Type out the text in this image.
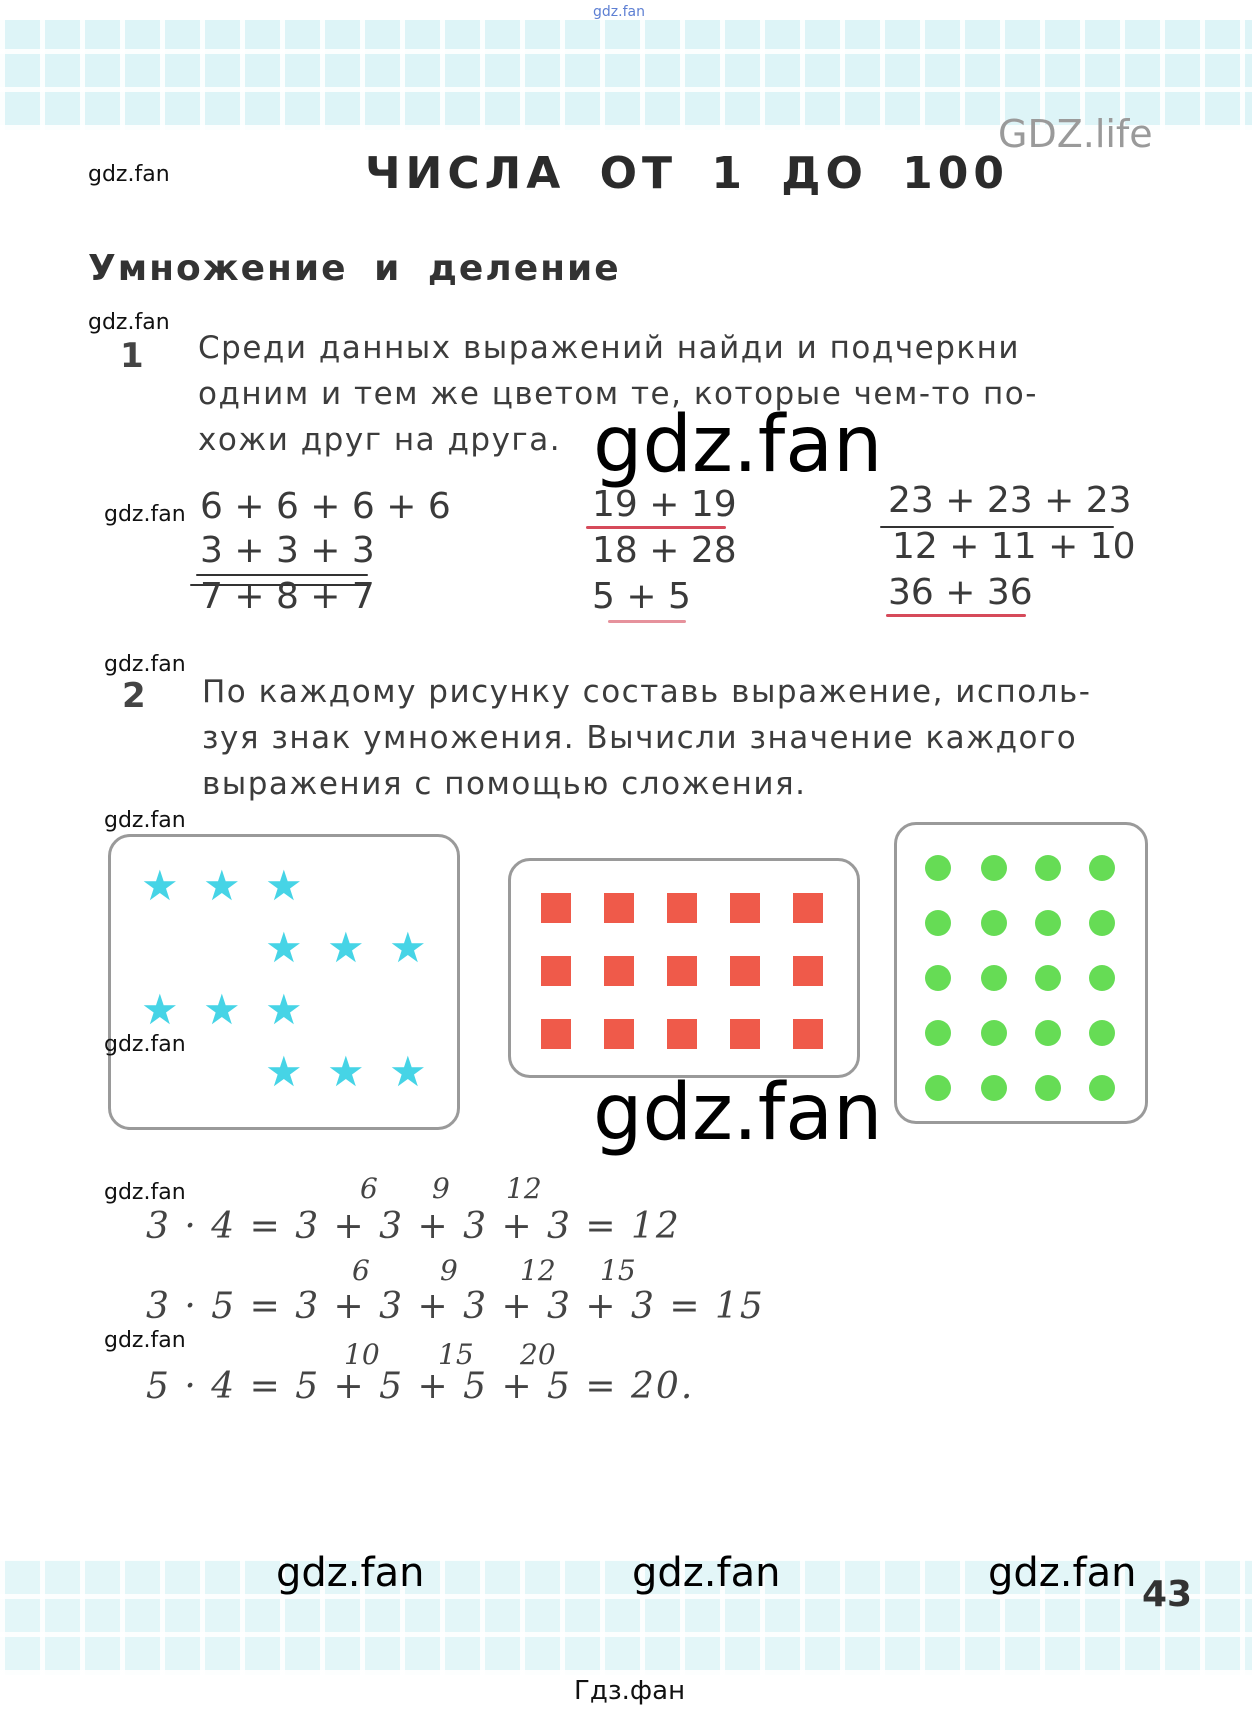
gdz.fan
GDZ.life
gdz.fan	ЧИСЛА ОТ 1 ДО 100
Умножение и деление
gdz.fan
1 Среди данных выражений найди и подчеркни
одним и тем же цветом те, которые чем-то по-
хожи друг на друга. gdz.fan
gdz.fan 6 + 6 + 6 + 6
3 + 3 + 3
7 + 8 + 7
19 + 19
18 + 28
5 + 5
23 + 23 + 23
12 + 11 + 10
36 + 36
gdz.fan
2 По каждому рисунку составь выражение, исполь-
зуя знак умножения. Вычисли значение каждого
выражения с помощью сложения.
gdz.fan
★ ★ ★
★ ★ ★
★ ★ ★
★ ★ ★
gdz.fan
gdz.fan
gdz.fan	6 9 12
3 · 4 = 3 + 3 + 3 + 3 = 12
6	9 12 15
3 · 5 = 3 + 3 + 3 + 3 + 3 = 15
gdz.fan	10 15 20
5 · 4 = 5 + 5 + 5 + 5 = 20.
gdz.fan	gdz.fan	gdz.fan 43
Гдз.фан
